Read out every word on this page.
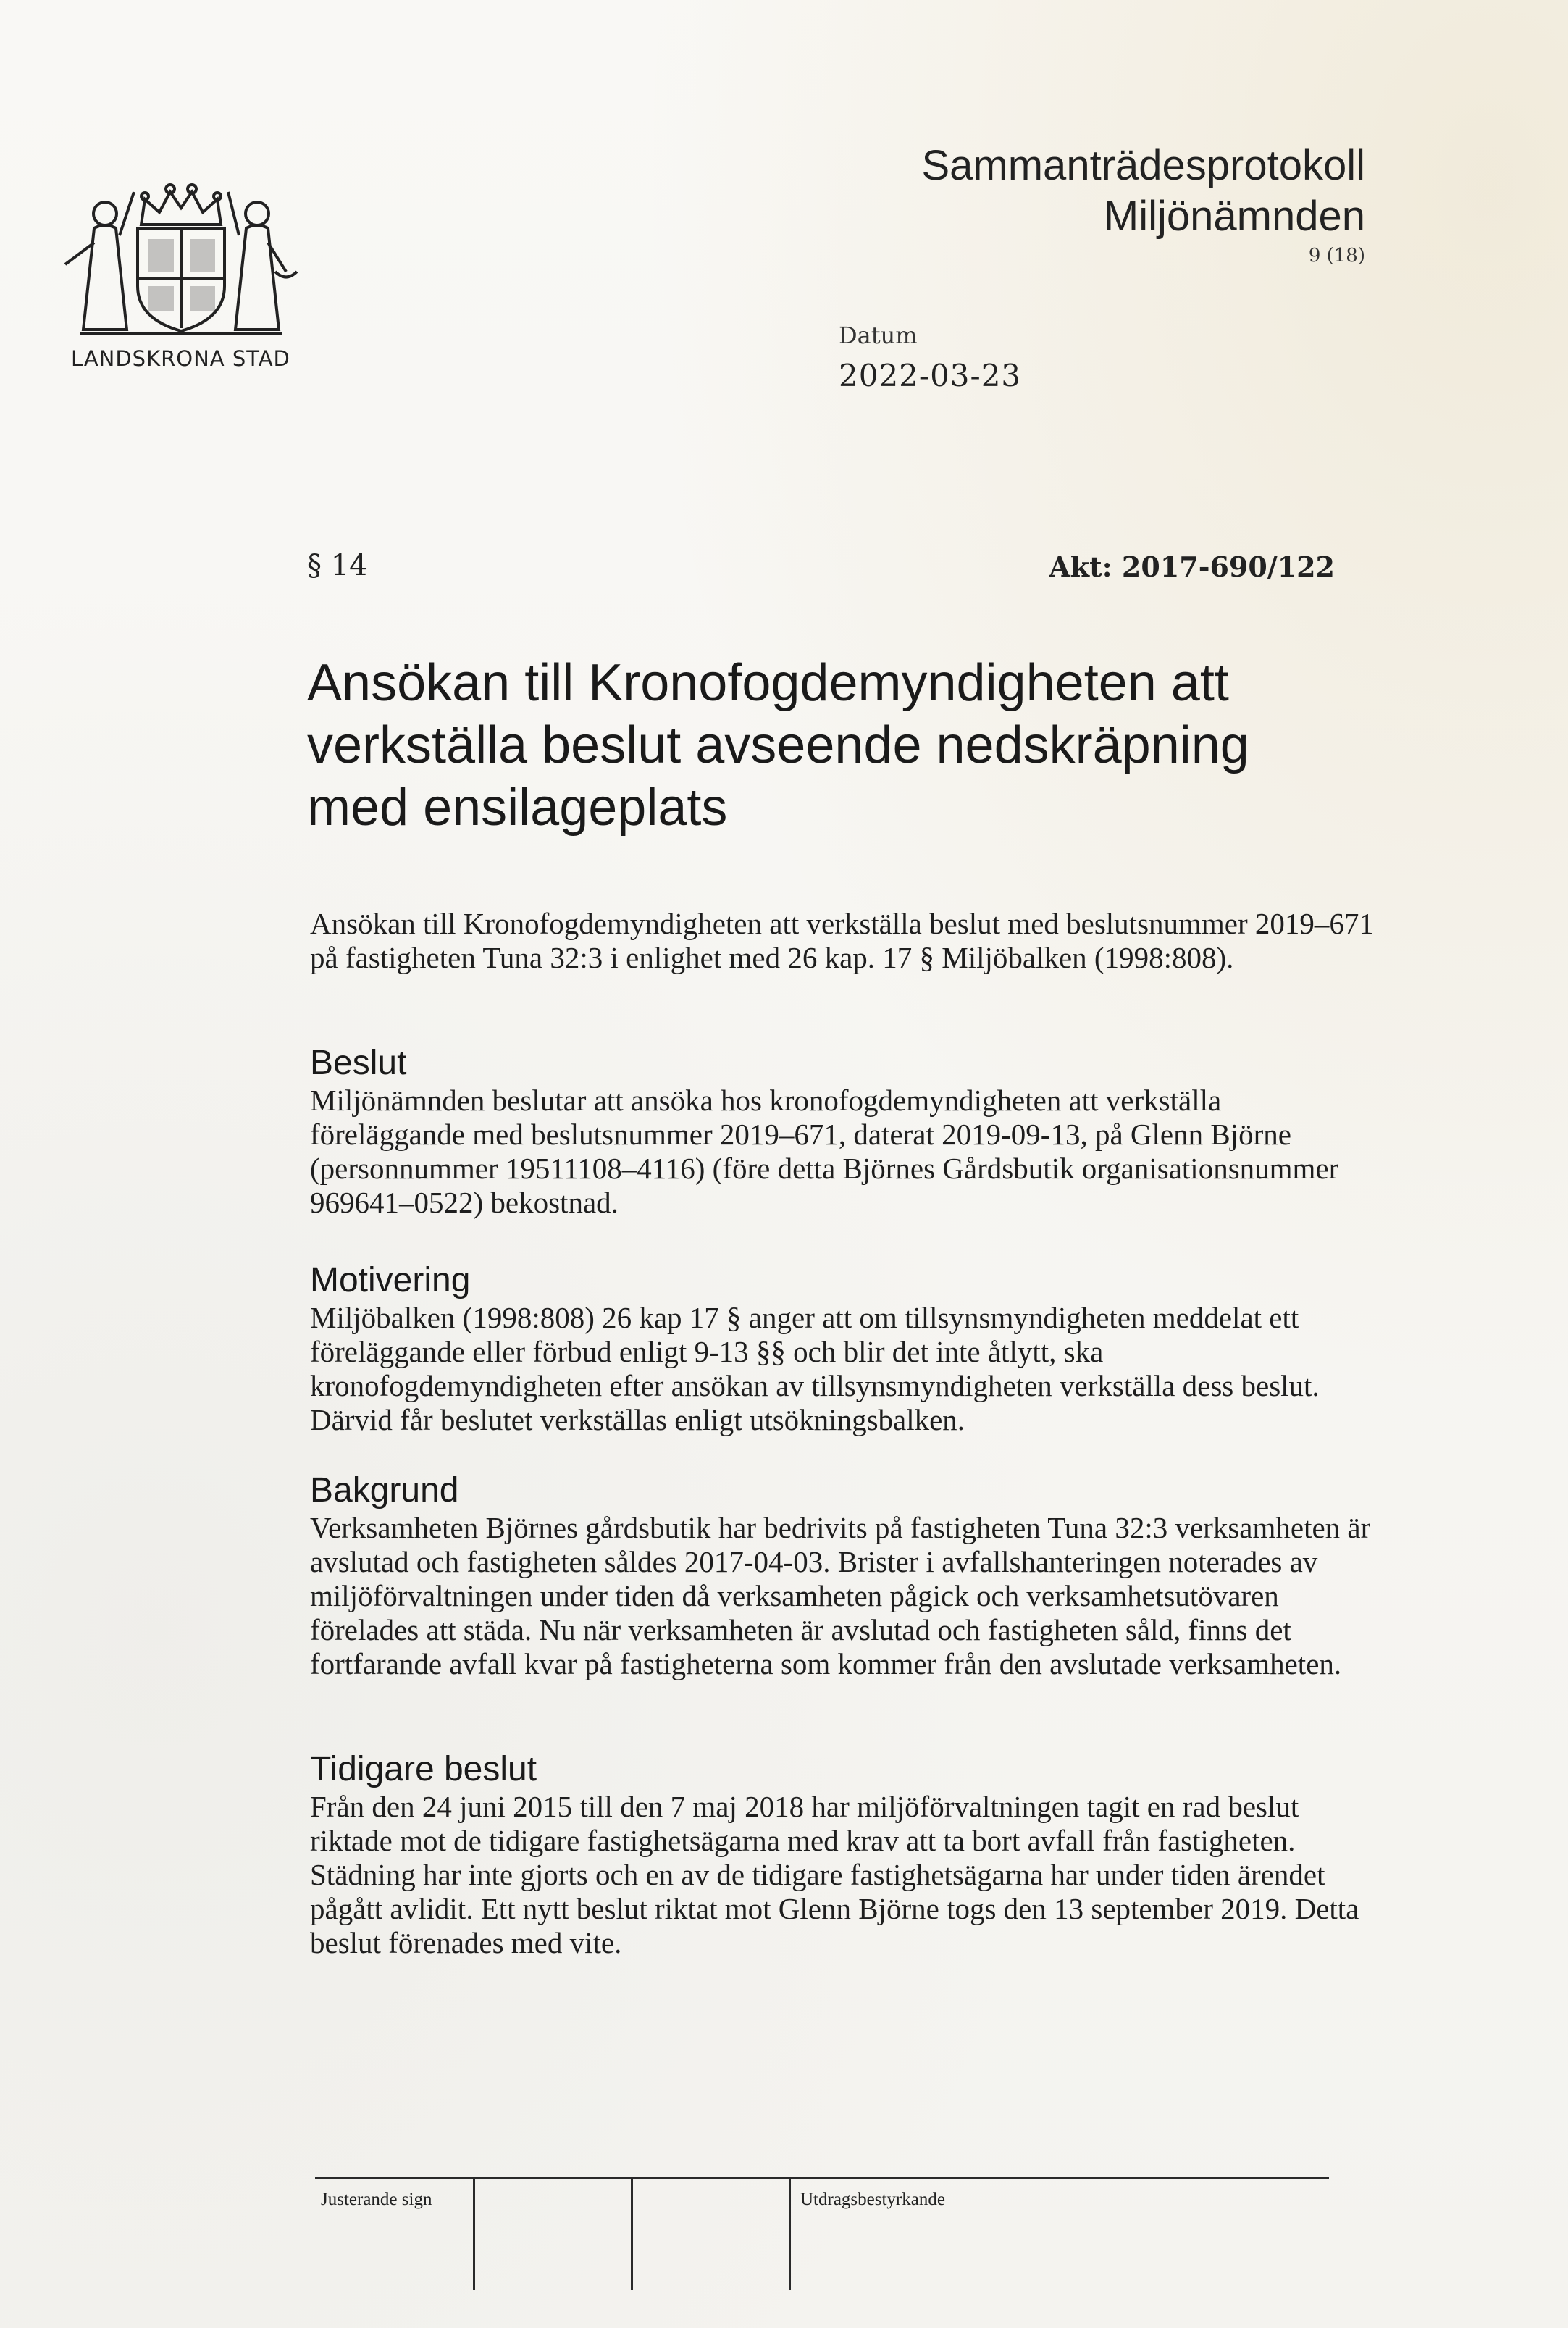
LANDSKRONA STAD
Sammanträdesprotokoll
Miljönämnden
9 (18)
Datum
2022-03-23
§ 14	Akt: 2017-690/122
Ansökan till Kronofogdemyndigheten att verkställa beslut avseende nedskräpning med ensilageplats

Ansökan till Kronofogdemyndigheten att verkställa beslut med beslutsnummer 2019–671 på fastigheten Tuna 32:3 i enlighet med 26 kap. 17 § Miljöbalken (1998:808).

Beslut

Miljönämnden beslutar att ansöka hos kronofogdemyndigheten att verkställa föreläggande med beslutsnummer 2019–671, daterat 2019-09-13, på Glenn Björne (personnummer 19511108–4116) (före detta Björnes Gårdsbutik organisationsnummer 969641–0522) bekostnad.

Motivering

Miljöbalken (1998:808) 26 kap 17 § anger att om tillsynsmyndigheten meddelat ett föreläggande eller förbud enligt 9-13 §§ och blir det inte åtlytt, ska kronofogdemyndigheten efter ansökan av tillsynsmyndigheten verkställa dess beslut. Därvid får beslutet verkställas enligt utsökningsbalken.

Bakgrund

Verksamheten Björnes gårdsbutik har bedrivits på fastigheten Tuna 32:3 verksamheten är avslutad och fastigheten såldes 2017-04-03. Brister i avfallshanteringen noterades av miljöförvaltningen under tiden då verksamheten pågick och verksamhetsutövaren förelades att städa. Nu när verksamheten är avslutad och fastigheten såld, finns det fortfarande avfall kvar på fastigheterna som kommer från den avslutade verksamheten.

Tidigare beslut

Från den 24 juni 2015 till den 7 maj 2018 har miljöförvaltningen tagit en rad beslut riktade mot de tidigare fastighetsägarna med krav att ta bort avfall från fastigheten. Städning har inte gjorts och en av de tidigare fastighetsägarna har under tiden ärendet pågått avlidit. Ett nytt beslut riktat mot Glenn Björne togs den 13 september 2019. Detta beslut förenades med vite.

Justerande sign	Utdragsbestyrkande
